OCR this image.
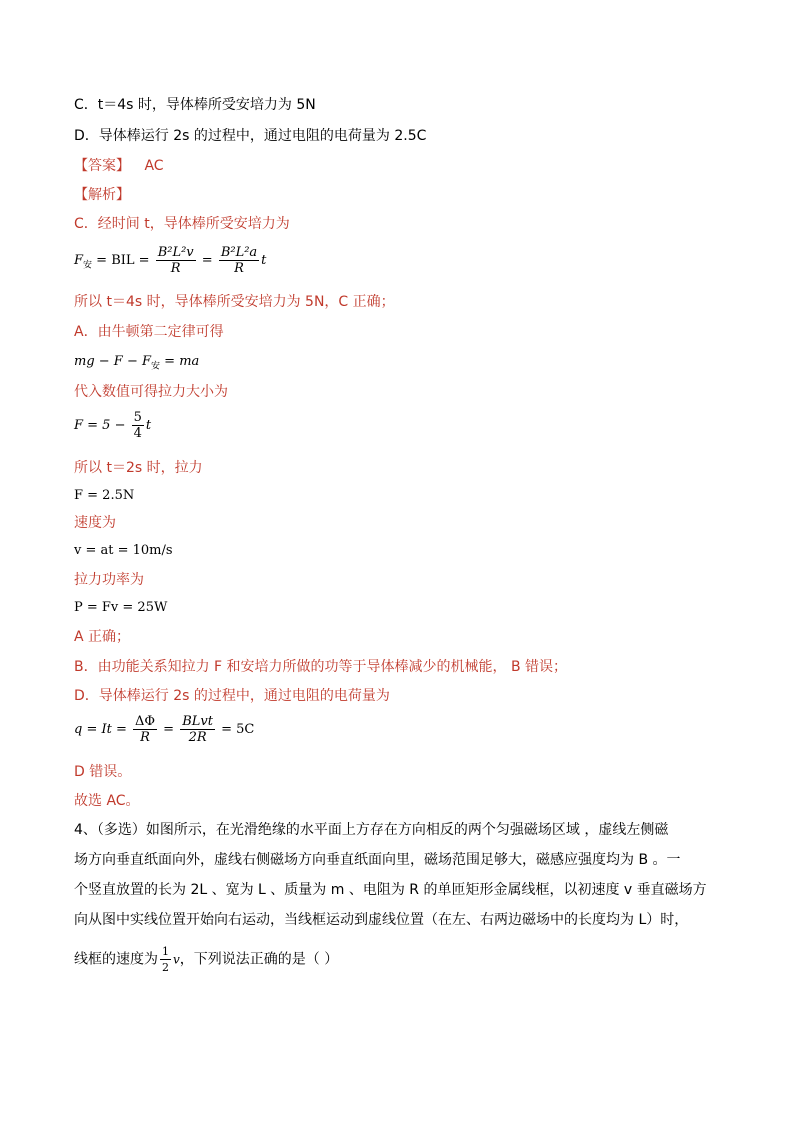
C．t＝4s 时，导体棒所受安培力为 5N
D．导体棒运行 2s 的过程中，通过电阻的电荷量为 2.5C
【答案】 AC
【解析】
C．经时间 t，导体棒所受安培力为
$F_安$ = BIL = $\frac{\text{B²L²v}}{R} = \frac{\text{B²L²a}}{R}$ t
所以 t＝4s 时，导体棒所受安培力为 5N，C 正确；
A．由牛顿第二定律可得
mg − $F - F_安$ = ma
代入数值可得拉力大小为
$F = 5 - \frac{5}{4}$ t
所以 t＝2s 时，拉力
F = 2.5N
速度为
v = at = 10m/s
拉力功率为
P = Fv = 25W
A 正确；
B．由功能关系知拉力 F 和安培力所做的功等于导体棒减少的机械能， B 错误；
D．导体棒运行 2s 的过程中，通过电阻的电荷量为
$q = It = \frac{\Delta\Phi}{R} = \frac{\text{BLvt}}{2R} = 5C$
D 错误。
故选 AC。
4、（多选）如图所示，在光滑绝缘的水平面上方存在方向相反的两个匀强磁场区域 ，虚线左侧磁
场方向垂直纸面向外，虚线右侧磁场方向垂直纸面向里，磁场范围足够大，磁感应强度均为 B 。一
个竖直放置的长为 2L 、宽为 L 、质量为 m 、电阻为 R 的单匝矩形金属线框，以初速度 v 垂直磁场方
向从图中实线位置开始向右运动，当线框运动到虚线位置（在左、右两边磁场中的长度均为 L）时，
线框的速度为 $\frac{1}{2}$ v，下列说法正确的是（ ）
